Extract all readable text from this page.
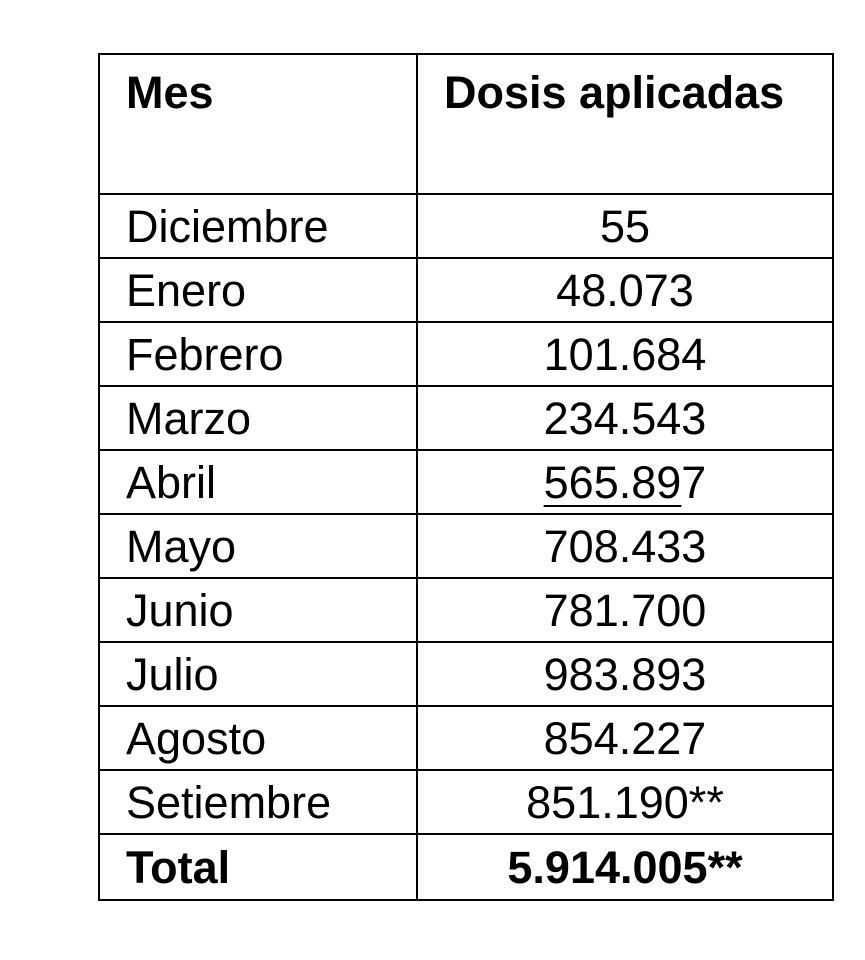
Mes	Dosis aplicadas
Diciembre	55
Enero	48.073
Febrero	101.684
Marzo	234.543
Abril	565.897
Mayo	708.433
Junio	781.700
Julio	983.893
Agosto	854.227
Setiembre	851.190**
Total	5.914.005**
